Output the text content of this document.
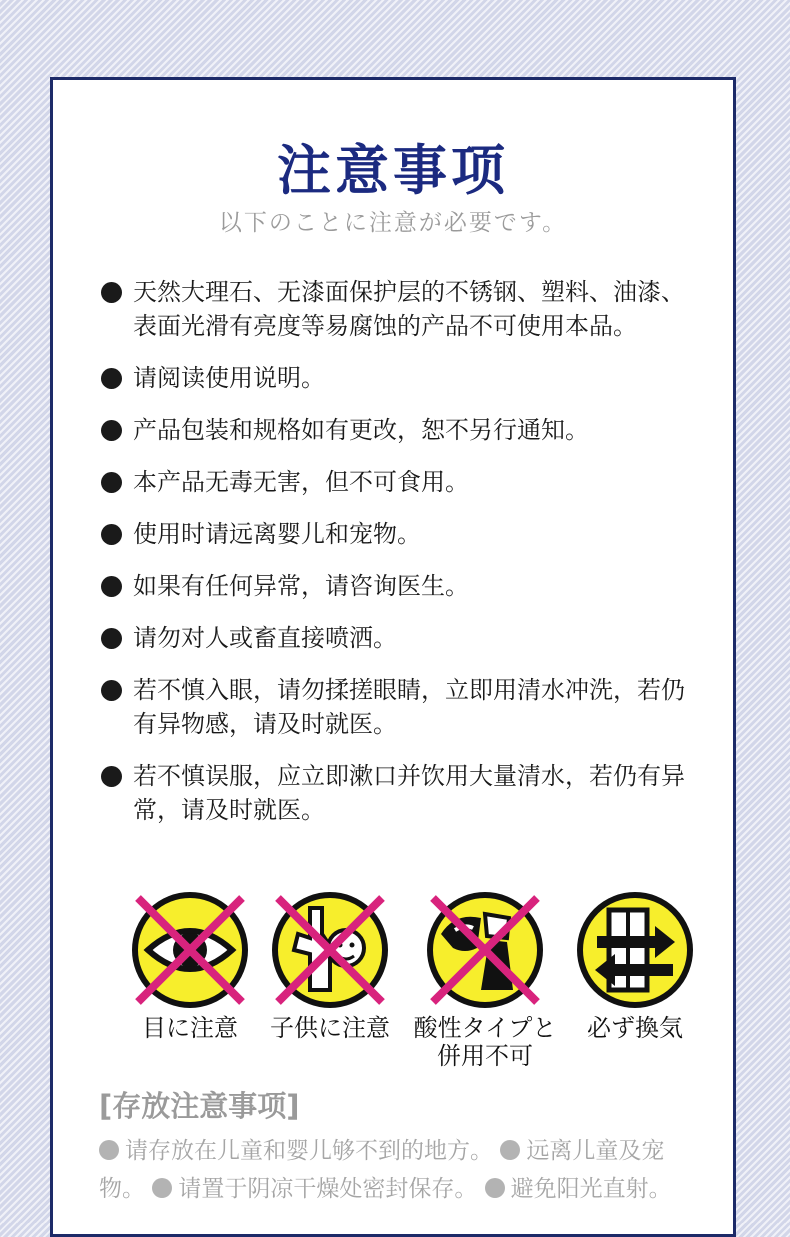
注意事项
以下のことに注意が必要です。
天然大理石、无漆面保护层的不锈钢、塑料、油漆、表面光滑有亮度等易腐蚀的产品不可使用本品。
请阅读使用说明。
产品包装和规格如有更改，恕不另行通知。
本产品无毒无害，但不可食用。
使用时请远离婴儿和宠物。
如果有任何异常，请咨询医生。
请勿对人或畜直接喷洒。
若不慎入眼，请勿揉搓眼睛，立即用清水冲洗，若仍有异物感，请及时就医。
若不慎误服，应立即漱口并饮用大量清水，若仍有异常，请及时就医。
目に注意	子供に注意 酸性タイプと
併用不可
必ず換気
[存放注意事项]
请存放在儿童和婴儿够不到的地方。 远离儿童及宠物。 请置于阴凉干燥处密封保存。 避免阳光直射。
